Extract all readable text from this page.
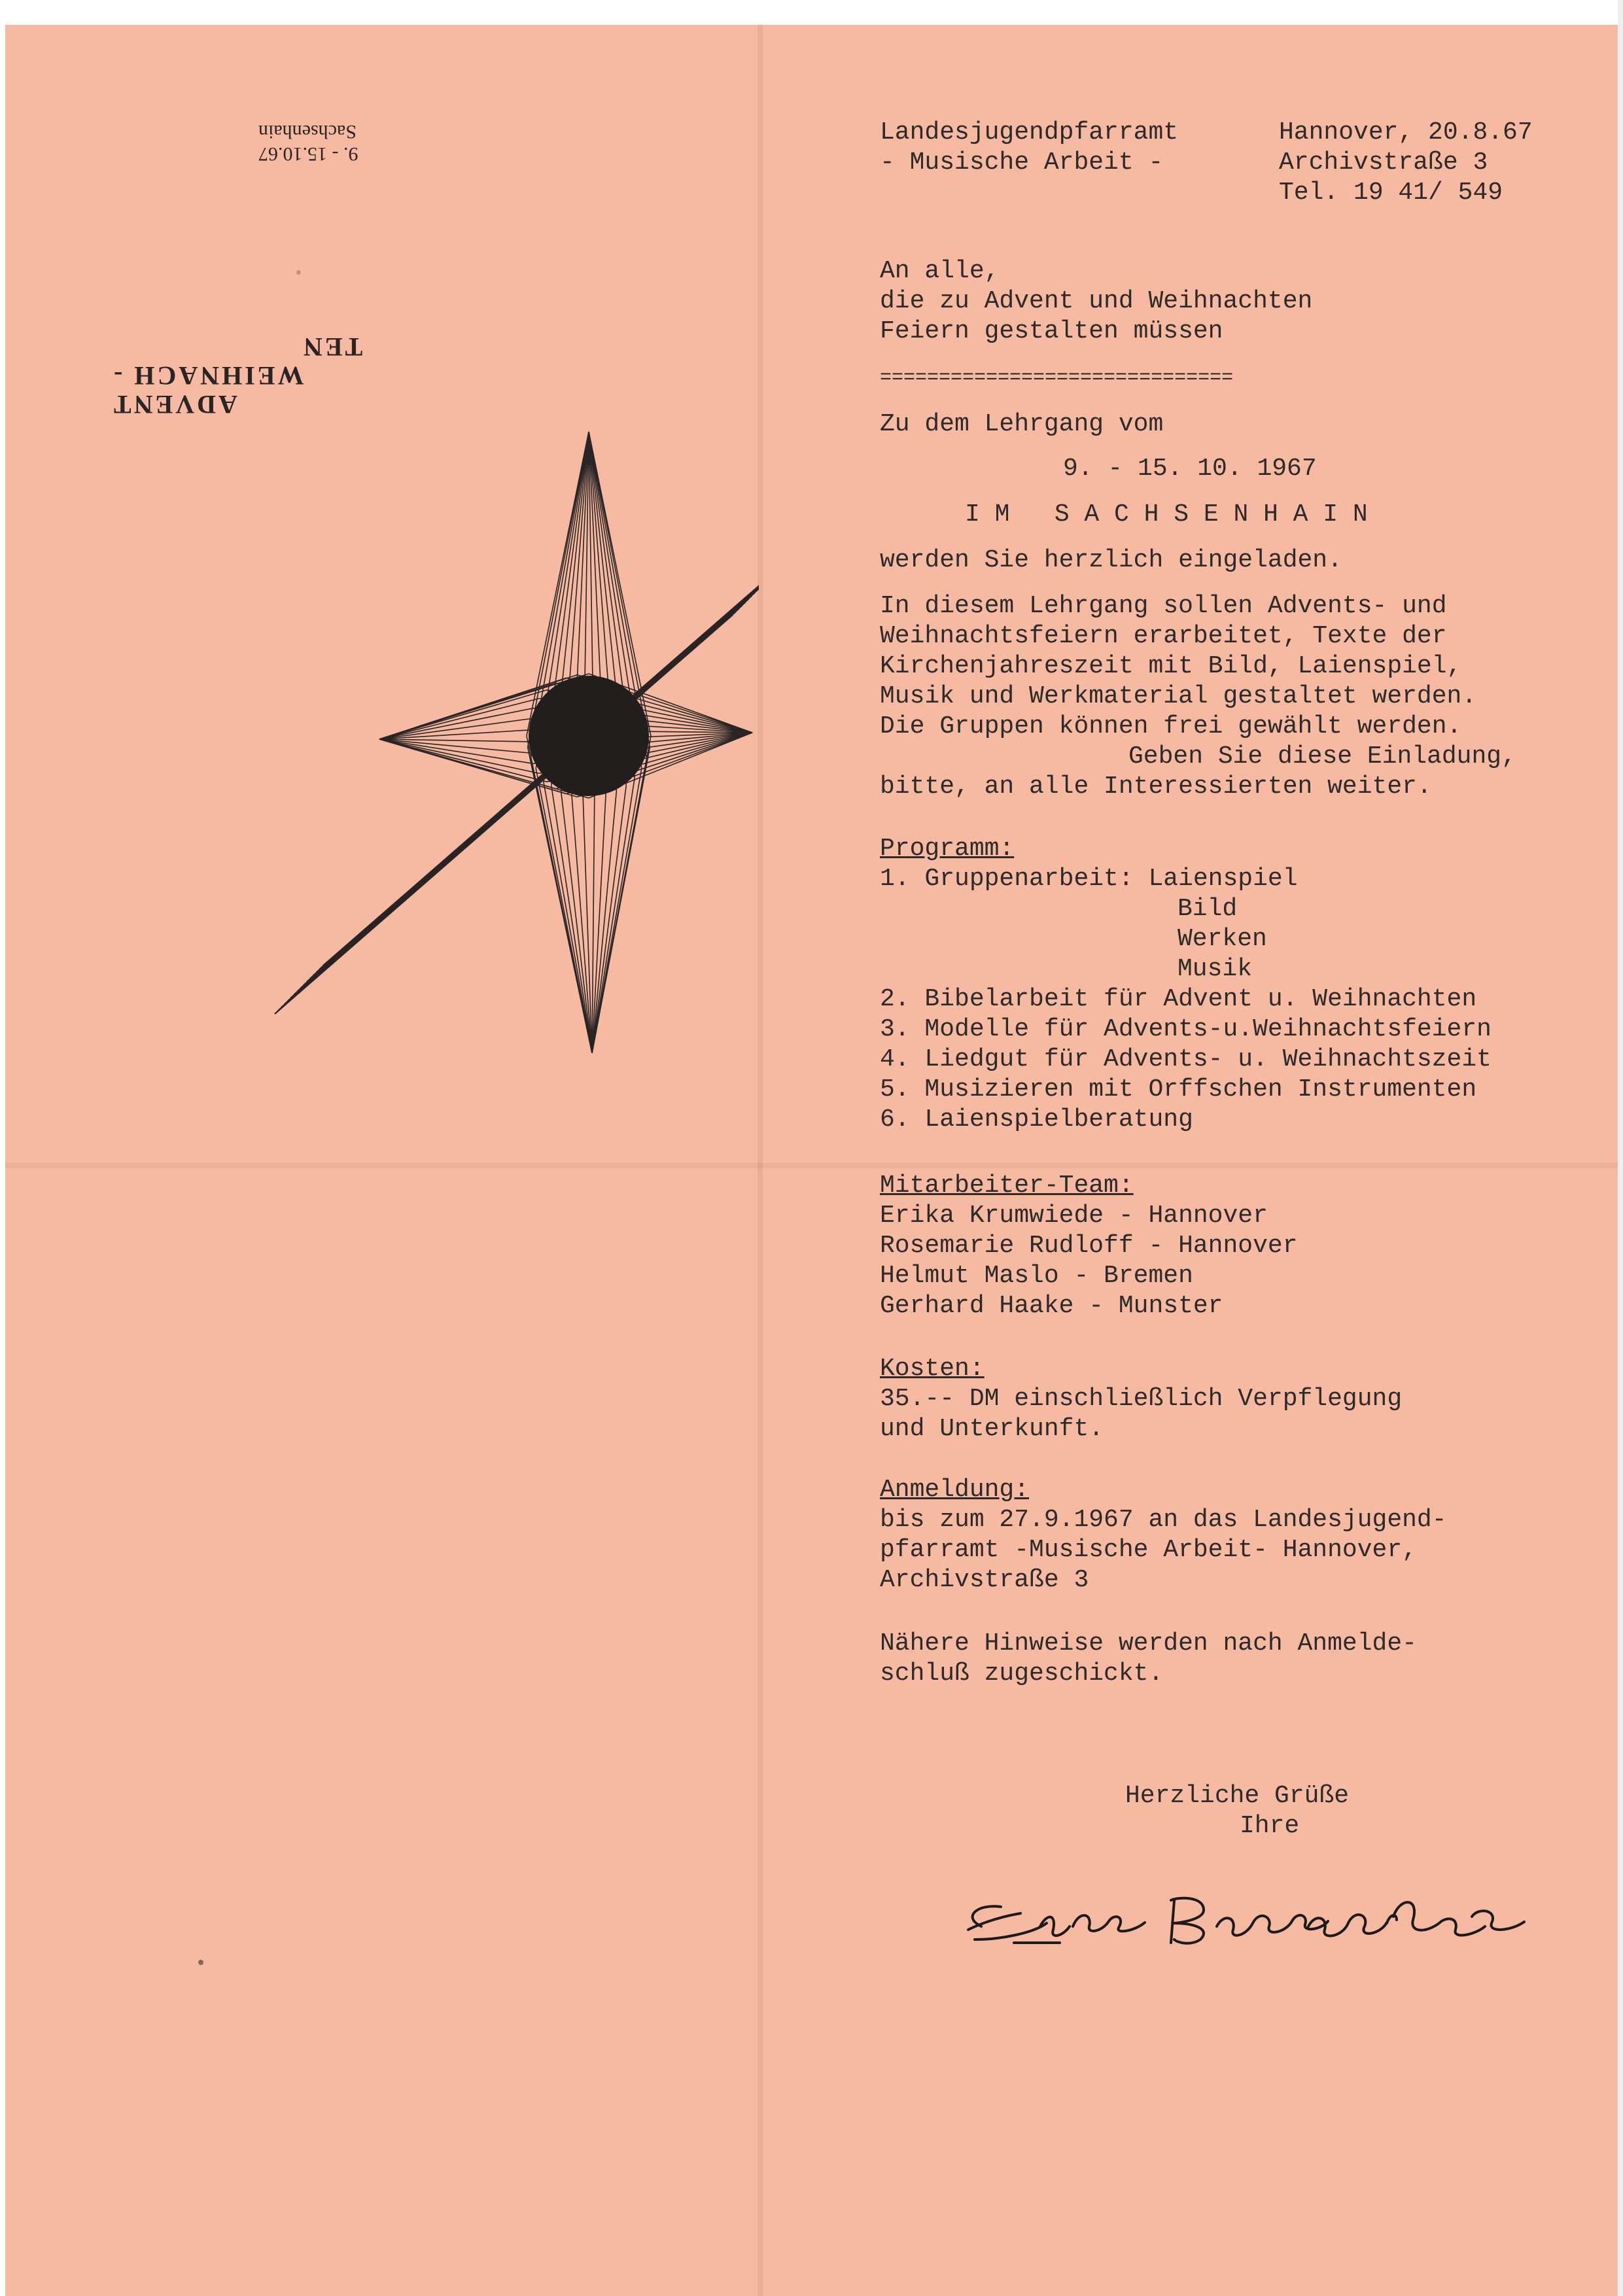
9. - 15.10.67
Sachsenhain
ADVENT
WEIHNACH -
TEN
Landesjugendpfarramt
- Musische Arbeit -
Hannover, 20.8.67
Archivstraße 3
Tel. 19 41/ 549
An alle,
die zu Advent und Weihnachten
Feiern gestalten müssen
==============================
Zu dem Lehrgang vom
9. - 15. 10. 1967
I M   S A C H S E N H A I N
werden Sie herzlich eingeladen.
In diesem Lehrgang sollen Advents- und
Weihnachtsfeiern erarbeitet, Texte der
Kirchenjahreszeit mit Bild, Laienspiel,
Musik und Werkmaterial gestaltet werden.
Die Gruppen können frei gewählt werden.
Geben Sie diese Einladung,
bitte, an alle Interessierten weiter.
Programm:
1. Gruppenarbeit: Laienspiel
Bild
Werken
Musik
2. Bibelarbeit für Advent u. Weihnachten
3. Modelle für Advents-u.Weihnachtsfeiern
4. Liedgut für Advents- u. Weihnachtszeit
5. Musizieren mit Orffschen Instrumenten
6. Laienspielberatung
Mitarbeiter-Team:
Erika Krumwiede - Hannover
Rosemarie Rudloff - Hannover
Helmut Maslo - Bremen
Gerhard Haake - Munster
Kosten:
35.-- DM einschließlich Verpflegung
und Unterkunft.
Anmeldung:
bis zum 27.9.1967 an das Landesjugend-
pfarramt -Musische Arbeit- Hannover,
Archivstraße 3
Nähere Hinweise werden nach Anmelde-
schluß zugeschickt.
Herzliche Grüße
Ihre
